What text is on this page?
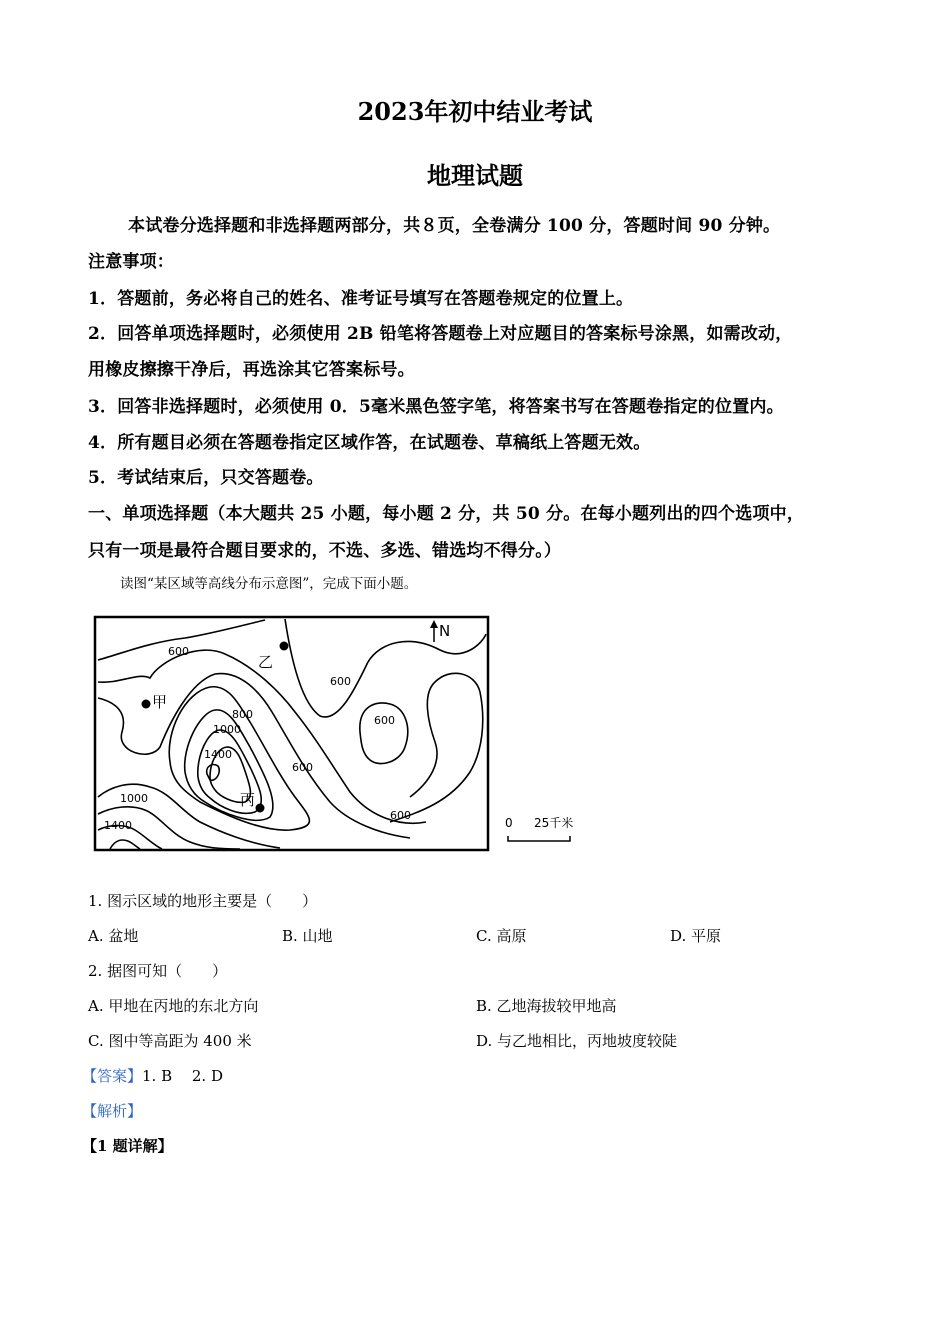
2023年初中结业考试
地理试题
本试卷分选择题和非选择题两部分，共８页，全卷满分 100 分，答题时间 90 分钟。
注意事项：
1．答题前，务必将自己的姓名、准考证号填写在答题卷规定的位置上。
2．回答单项选择题时，必须使用 2B 铅笔将答题卷上对应题目的答案标号涂黑，如需改动，
用橡皮擦擦干净后，再选涂其它答案标号。
3．回答非选择题时，必须使用 0．5毫米黑色签字笔，将答案书写在答题卷指定的位置内。
4．所有题目必须在答题卷指定区域作答，在试题卷、草稿纸上答题无效。
5．考试结束后，只交答题卷。
一、单项选择题（本大题共 25 小题，每小题 2 分，共 50 分。在每小题列出的四个选项中，
只有一项是最符合题目要求的，不选、多选、错选均不得分。）
读图“某区域等高线分布示意图”，完成下面小题。
甲
乙
丙
600
600
600
600
600
800
1000
1000
1400
1400
N
0 25千米
1. 图示区域的地形主要是（　　）
A. 盆地	B. 山地	C. 高原	D. 平原
2. 据图可知（　　）
A. 甲地在丙地的东北方向	B. 乙地海拔较甲地高
C. 图中等高距为 400 米	D. 与乙地相比，丙地坡度较陡
【答案】1. B　 2. D
【解析】
【1 题详解】
